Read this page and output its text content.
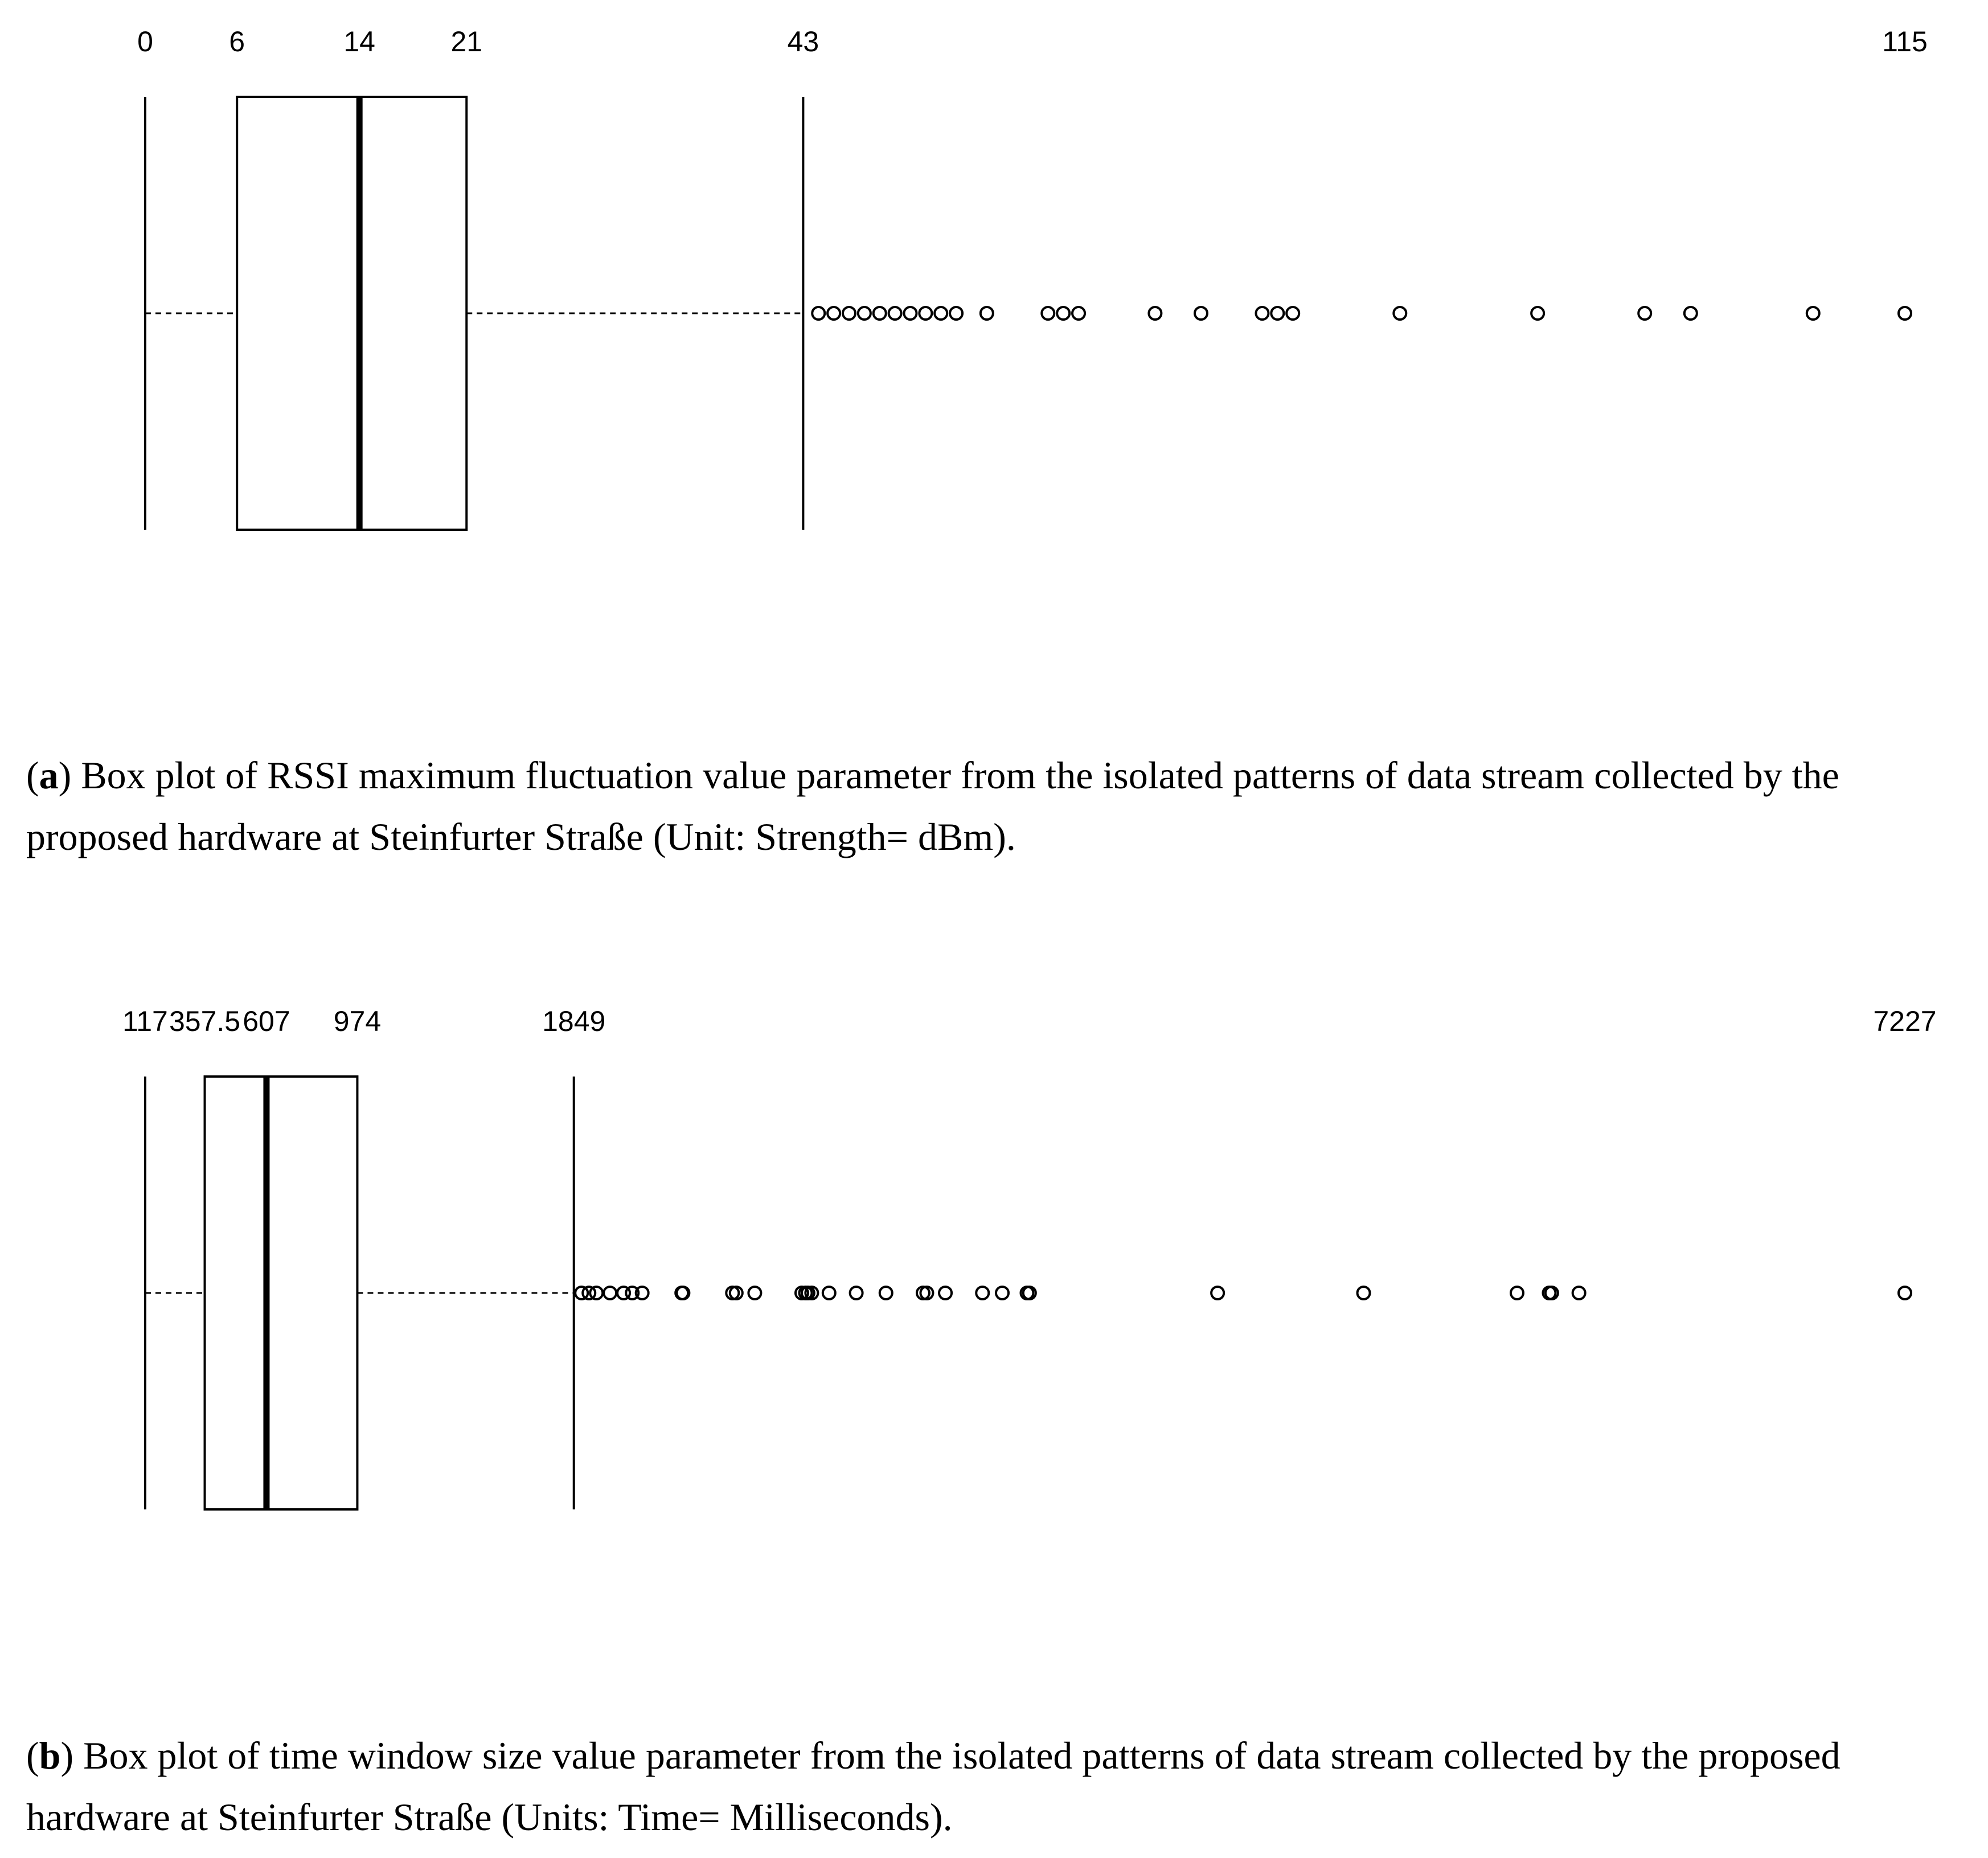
0	6	14	21	43	115
(a) Box plot of RSSI maximum fluctuation value parameter from the isolated patterns of data stream collected by the proposed hardware at Steinfurter Straße (Unit: Strength= dBm).
117 357.5 607 974	1849	7227
(b) Box plot of time window size value parameter from the isolated patterns of data stream collected by the proposed hardware at Steinfurter Straße (Units: Time= Milliseconds).
